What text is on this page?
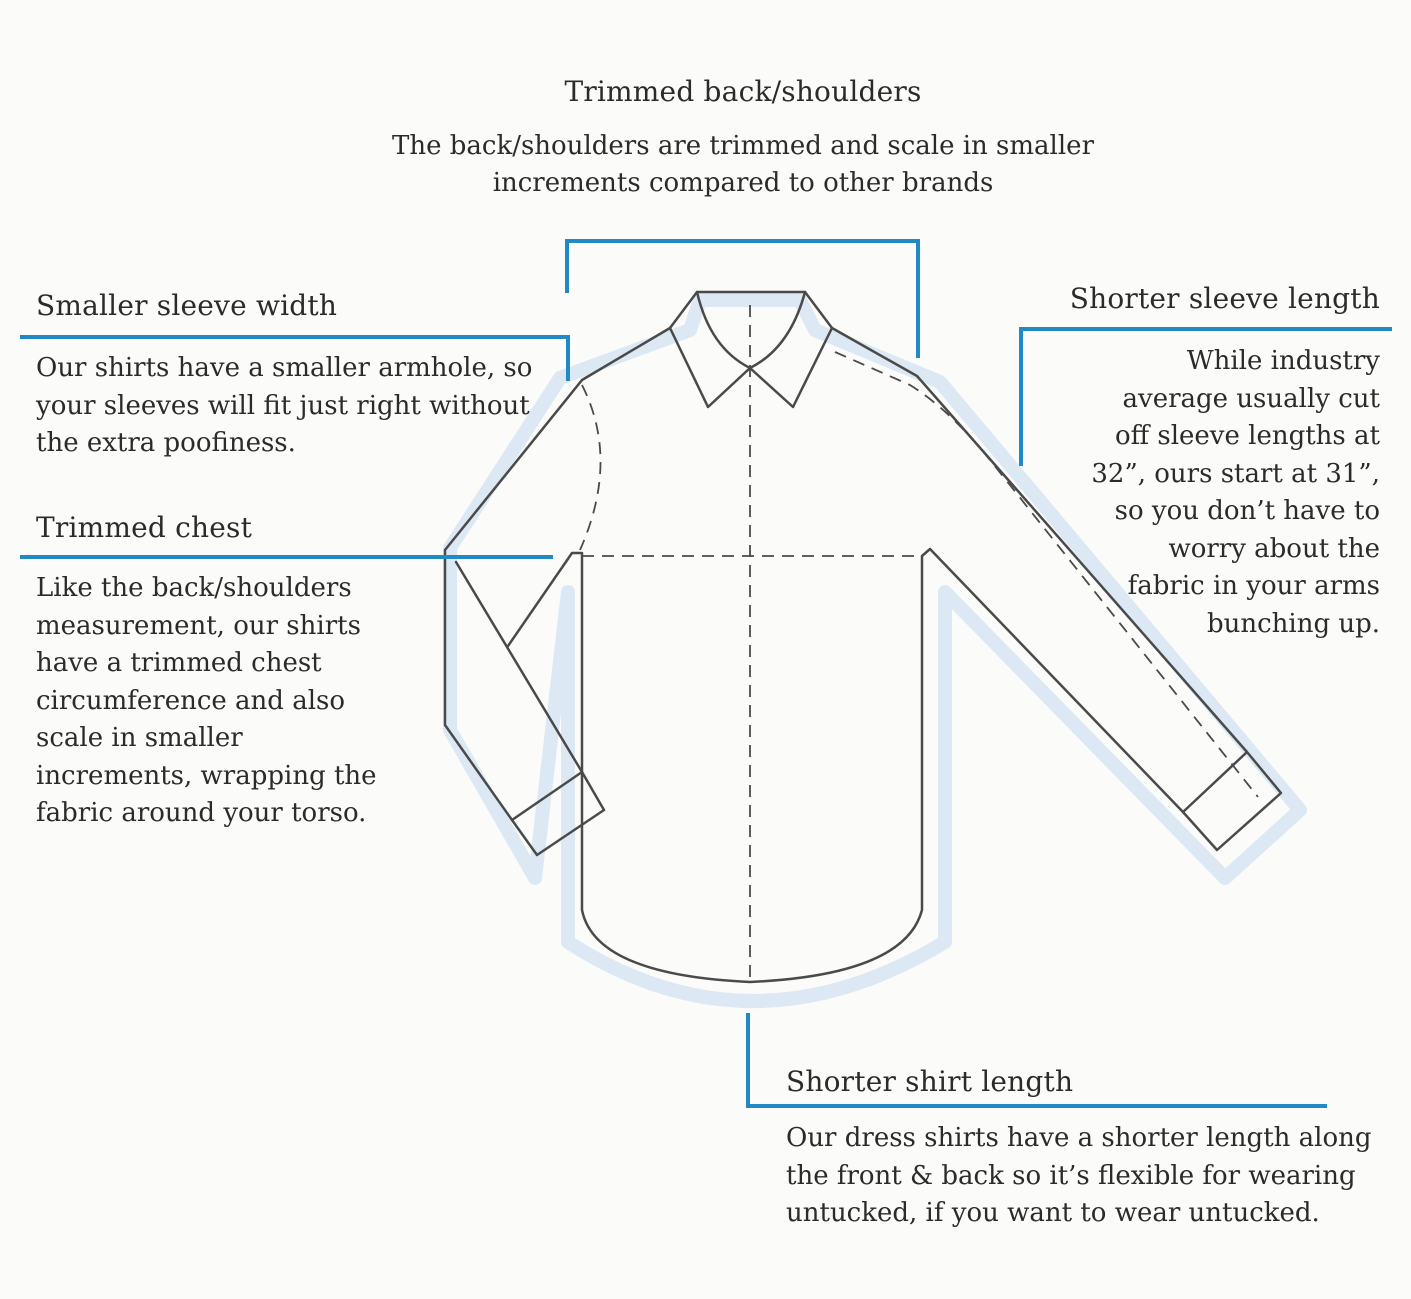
Trimmed back/shoulders

The back/shoulders are trimmed and scale in smaller
increments compared to other brands

Smaller sleeve width

Our shirts have a smaller armhole, so
your sleeves will fit just right without
the extra poofiness.

Trimmed chest

Like the back/shoulders
measurement, our shirts
have a trimmed chest
circumference and also
scale in smaller
increments, wrapping the
fabric around your torso.

Shorter sleeve length

While industry
average usually cut
off sleeve lengths at
32”, ours start at 31”,
so you don’t have to
worry about the
fabric in your arms
bunching up.

Shorter shirt length

Our dress shirts have a shorter length along
the front & back so it’s flexible for wearing
untucked, if you want to wear untucked.
